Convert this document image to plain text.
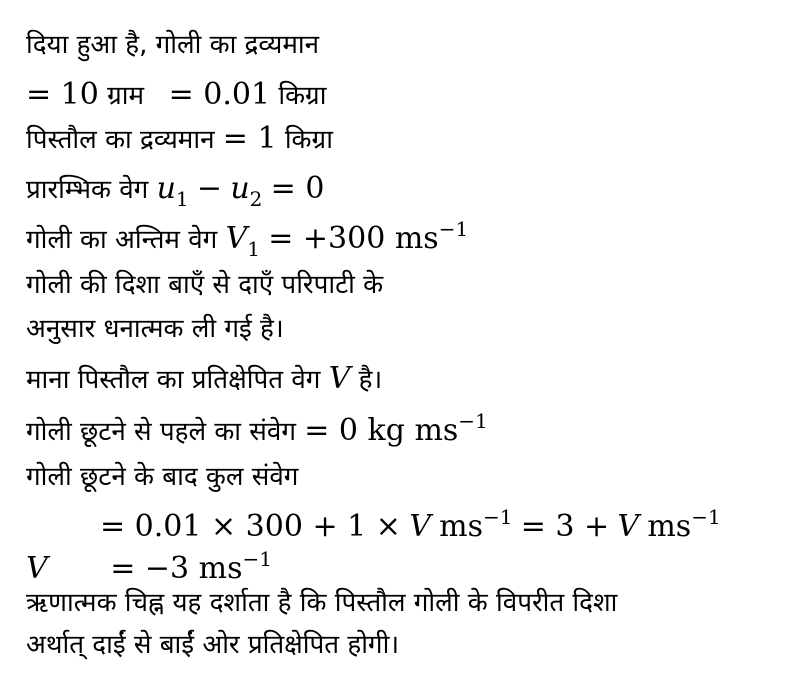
दिया हुआ है, गोली का द्रव्यमान
= 10 ग्राम = 0.01 किग्रा
पिस्तौल का द्रव्यमान = 1 किग्रा
प्रारम्भिक वेग $u_1 - u_2 = 0$
गोली का अन्तिम वेग $V_1 = +300$ $ms^{-1}$
गोली की दिशा बाएँ से दाएँ परिपाटी के
अनुसार धनात्मक ली गई है।
माना पिस्तौल का प्रतिक्षेपित वेग V है।
गोली छूटने से पहले का संवेग = 0 kg $ms^{-1}$
गोली छूटने के बाद कुल संवेग
= 0.01 × 300 + 1 × V $ms^{-1} = 3 + V$ $ms^{-1}$
V = −3 $ms^{-1}$
ऋणात्मक चिह्न यह दर्शाता है कि पिस्तौल गोली के विपरीत दिशा
अर्थात् दाईं से बाईं ओर प्रतिक्षेपित होगी।
